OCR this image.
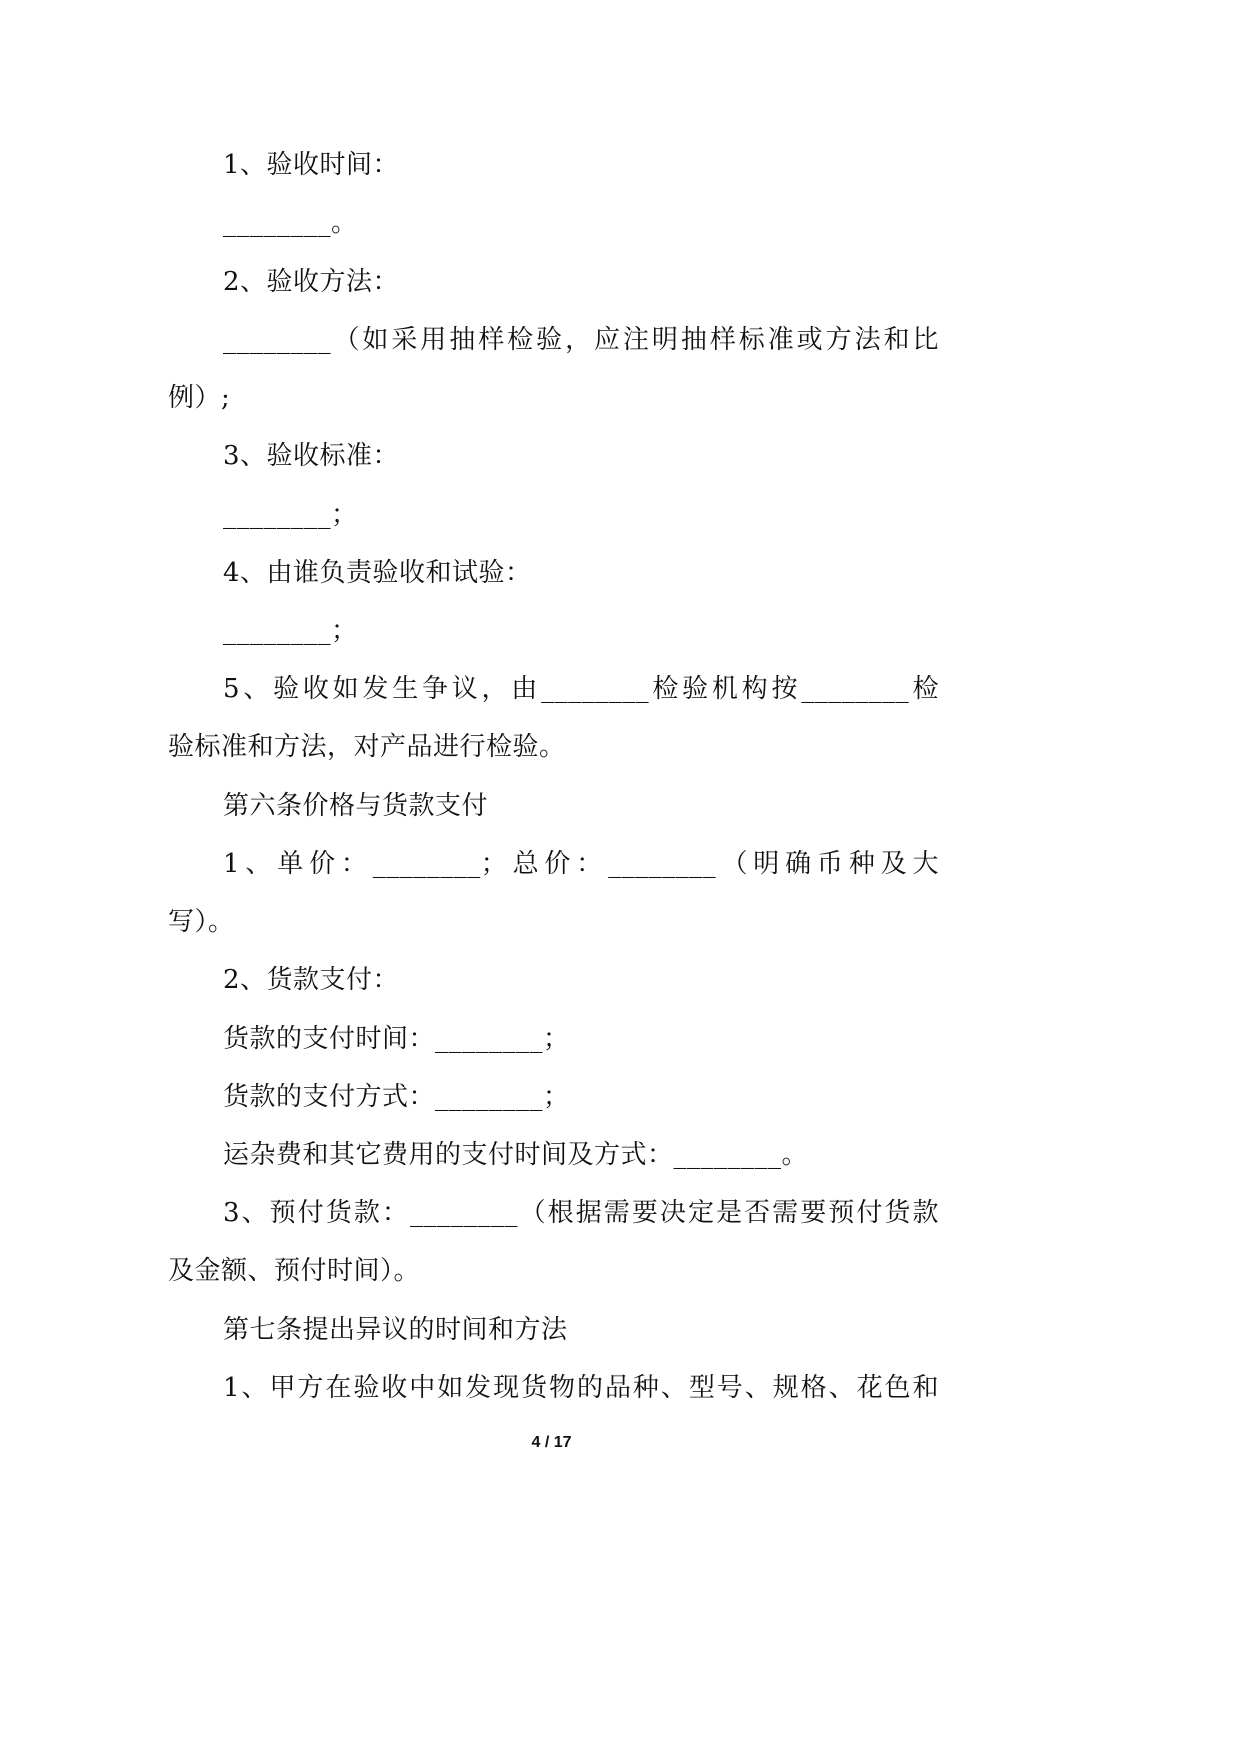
1、验收时间：

________。

2、验收方法：

________（如采用抽样检验，应注明抽样标准或方法和比

例）;

3、验收标准：

________；

4、由谁负责验收和试验：

________；

5、验收如发生争议，由________检验机构按________检

验标准和方法，对产品进行检验。

第六条价格与货款支付

1、单价：________；总价：________（明确币种及大

写）。

2、货款支付：

货款的支付时间：________；

货款的支付方式：________；

运杂费和其它费用的支付时间及方式：________。

3、预付货款：________（根据需要决定是否需要预付货款

及金额、预付时间）。

第七条提出异议的时间和方法

1、甲方在验收中如发现货物的品种、型号、规格、花色和

4 / 17
